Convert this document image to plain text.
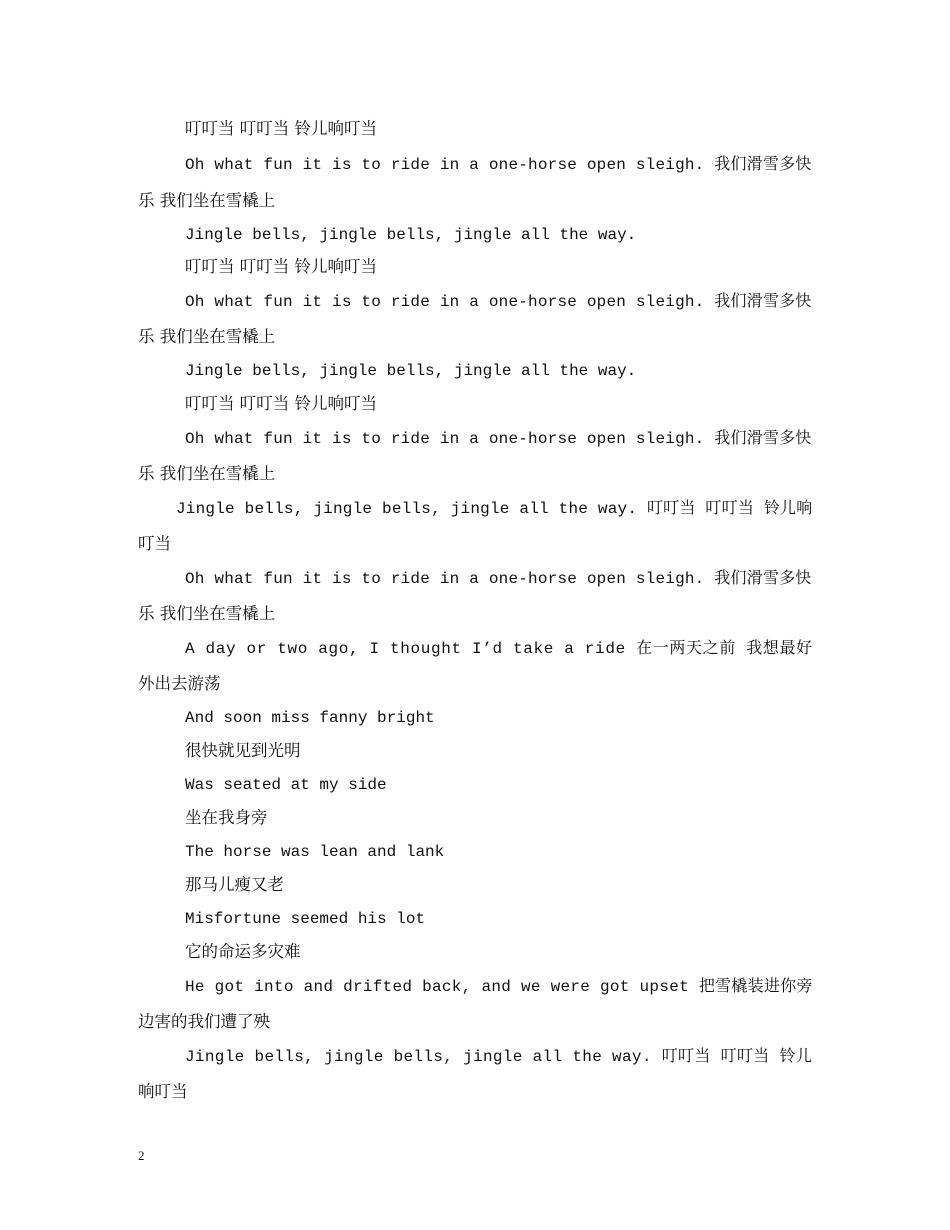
叮叮当 叮叮当 铃儿响叮当
Oh what fun it is to ride in a one-horse open sleigh. 我们滑雪多快
乐 我们坐在雪橇上
Jingle bells, jingle bells, jingle all the way.
叮叮当 叮叮当 铃儿响叮当
Oh what fun it is to ride in a one-horse open sleigh. 我们滑雪多快
乐 我们坐在雪橇上
Jingle bells, jingle bells, jingle all the way.
叮叮当 叮叮当 铃儿响叮当
Oh what fun it is to ride in a one-horse open sleigh. 我们滑雪多快
乐 我们坐在雪橇上
Jingle bells, jingle bells, jingle all the way. 叮叮当 叮叮当 铃儿响
叮当
Oh what fun it is to ride in a one-horse open sleigh. 我们滑雪多快
乐 我们坐在雪橇上
A day or two ago, I thought I’d take a ride 在一两天之前 我想最好
外出去游荡
And soon miss fanny bright
很快就见到光明
Was seated at my side
坐在我身旁
The horse was lean and lank
那马儿瘦又老
Misfortune seemed his lot
它的命运多灾难
He got into and drifted back, and we were got upset 把雪橇装进你旁
边害的我们遭了殃
Jingle bells, jingle bells, jingle all the way. 叮叮当 叮叮当 铃儿
响叮当
2
